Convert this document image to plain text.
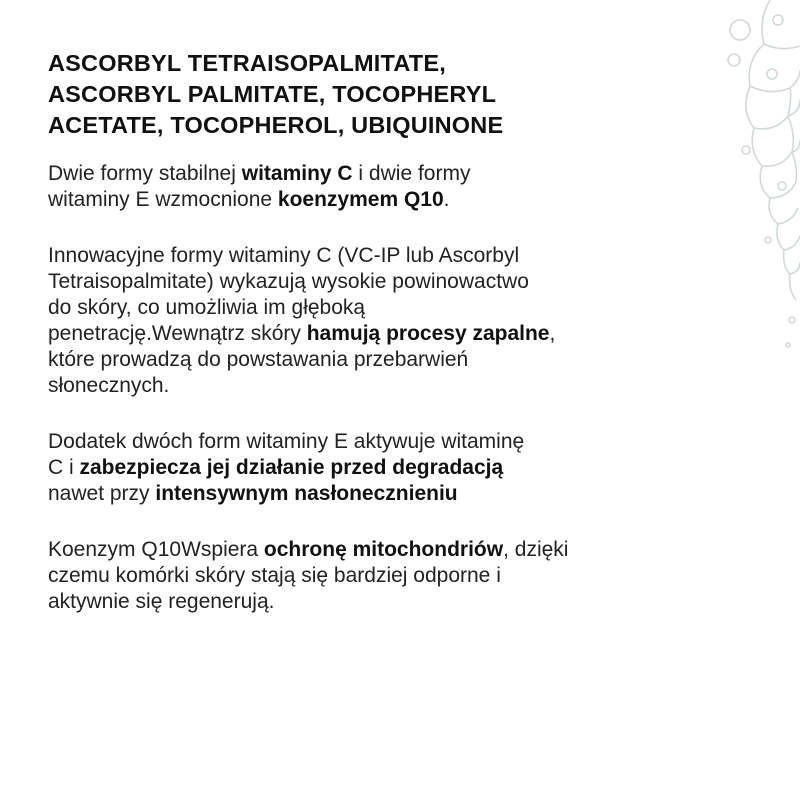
ASCORBYL TETRAISOPALMITATE,
ASCORBYL PALMITATE, TOCOPHERYL
ACETATE, TOCOPHEROL, UBIQUINONE

Dwie formy stabilnej witaminy C i dwie formy
witaminy E wzmocnione koenzymem Q10.

Innowacyjne formy witaminy C (VC-IP lub Ascorbyl
Tetraisopalmitate) wykazują wysokie powinowactwo
do skóry, co umożliwia im głęboką
penetrację.Wewnątrz skóry hamują procesy zapalne,
które prowadzą do powstawania przebarwień
słonecznych.

Dodatek dwóch form witaminy E aktywuje witaminę
C i zabezpiecza jej działanie przed degradacją
nawet przy intensywnym nasłonecznieniu

Koenzym Q10Wspiera ochronę mitochondriów, dzięki
czemu komórki skóry stają się bardziej odporne i
aktywnie się regenerują.
